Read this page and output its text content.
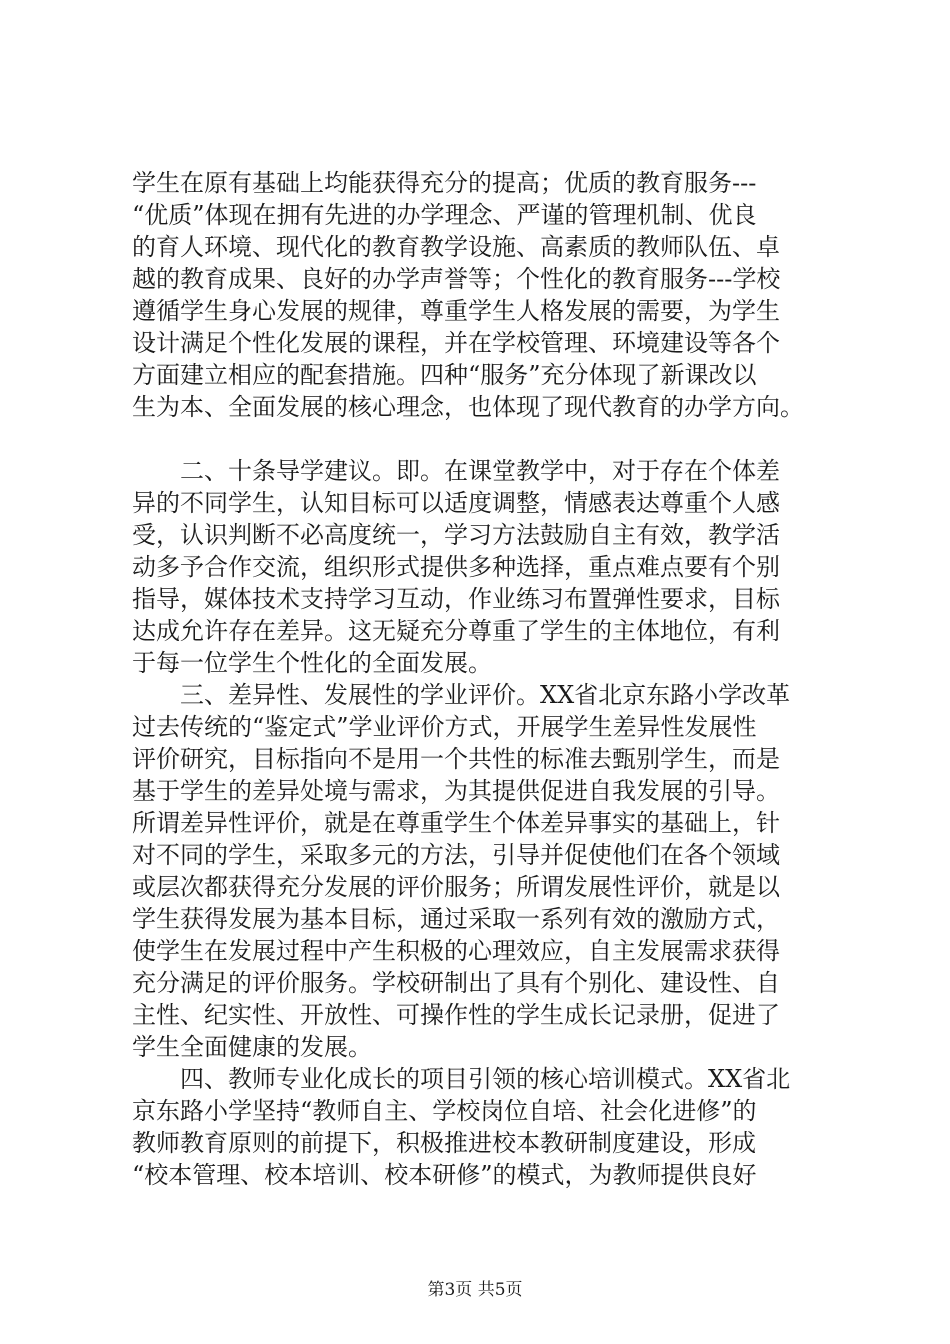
学生在原有基础上均能获得充分的提高；优质的教育服务---
“优质”体现在拥有先进的办学理念、严谨的管理机制、优良
的育人环境、现代化的教育教学设施、高素质的教师队伍、卓
越的教育成果、良好的办学声誉等；个性化的教育服务---学校
遵循学生身心发展的规律，尊重学生人格发展的需要，为学生
设计满足个性化发展的课程，并在学校管理、环境建设等各个
方面建立相应的配套措施。四种“服务”充分体现了新课改以
生为本、全面发展的核心理念，也体现了现代教育的办学方向。
　　二、十条导学建议。即。在课堂教学中，对于存在个体差
异的不同学生，认知目标可以适度调整，情感表达尊重个人感
受，认识判断不必高度统一，学习方法鼓励自主有效，教学活
动多予合作交流，组织形式提供多种选择，重点难点要有个别
指导，媒体技术支持学习互动，作业练习布置弹性要求，目标
达成允许存在差异。这无疑充分尊重了学生的主体地位，有利
于每一位学生个性化的全面发展。
　　三、差异性、发展性的学业评价。XX省北京东路小学改革
过去传统的“鉴定式”学业评价方式，开展学生差异性发展性
评价研究，目标指向不是用一个共性的标准去甄别学生，而是
基于学生的差异处境与需求，为其提供促进自我发展的引导。
所谓差异性评价，就是在尊重学生个体差异事实的基础上，针
对不同的学生，采取多元的方法，引导并促使他们在各个领域
或层次都获得充分发展的评价服务；所谓发展性评价，就是以
学生获得发展为基本目标，通过采取一系列有效的激励方式，
使学生在发展过程中产生积极的心理效应，自主发展需求获得
充分满足的评价服务。学校研制出了具有个别化、建设性、自
主性、纪实性、开放性、可操作性的学生成长记录册，促进了
学生全面健康的发展。
　　四、教师专业化成长的项目引领的核心培训模式。XX省北
京东路小学坚持“教师自主、学校岗位自培、社会化进修”的
教师教育原则的前提下，积极推进校本教研制度建设，形成
“校本管理、校本培训、校本研修”的模式，为教师提供良好
第3页 共5页
